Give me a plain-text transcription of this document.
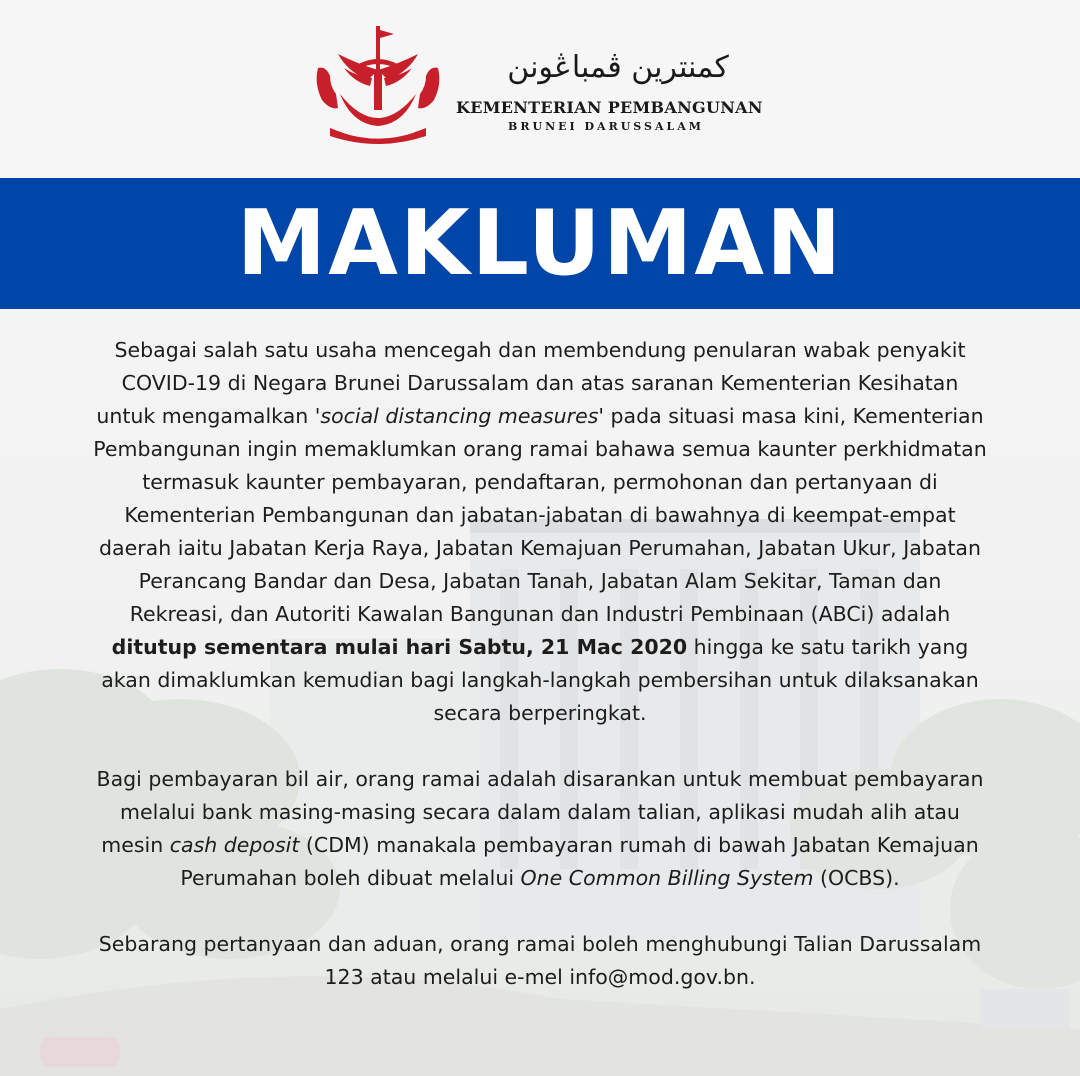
كمنترين ڤمباڠونن
KEMENTERIAN PEMBANGUNAN
BRUNEI DARUSSALAM
MAKLUMAN

Sebagai salah satu usaha mencegah dan membendung penularan wabak penyakit COVID-19 di Negara Brunei Darussalam dan atas saranan Kementerian Kesihatan untuk mengamalkan 'social distancing measures' pada situasi masa kini, Kementerian Pembangunan ingin memaklumkan orang ramai bahawa semua kaunter perkhidmatan termasuk kaunter pembayaran, pendaftaran, permohonan dan pertanyaan di Kementerian Pembangunan dan jabatan-jabatan di bawahnya di keempat-empat daerah iaitu Jabatan Kerja Raya, Jabatan Kemajuan Perumahan, Jabatan Ukur, Jabatan Perancang Bandar dan Desa, Jabatan Tanah, Jabatan Alam Sekitar, Taman dan Rekreasi, dan Autoriti Kawalan Bangunan dan Industri Pembinaan (ABCi) adalah ditutup sementara mulai hari Sabtu, 21 Mac 2020 hingga ke satu tarikh yang akan dimaklumkan kemudian bagi langkah-langkah pembersihan untuk dilaksanakan secara berperingkat.

Bagi pembayaran bil air, orang ramai adalah disarankan untuk membuat pembayaran melalui bank masing-masing secara dalam dalam talian, aplikasi mudah alih atau mesin cash deposit (CDM) manakala pembayaran rumah di bawah Jabatan Kemajuan Perumahan boleh dibuat melalui One Common Billing System (OCBS).

Sebarang pertanyaan dan aduan, orang ramai boleh menghubungi Talian Darussalam 123 atau melalui e-mel info@mod.gov.bn.
